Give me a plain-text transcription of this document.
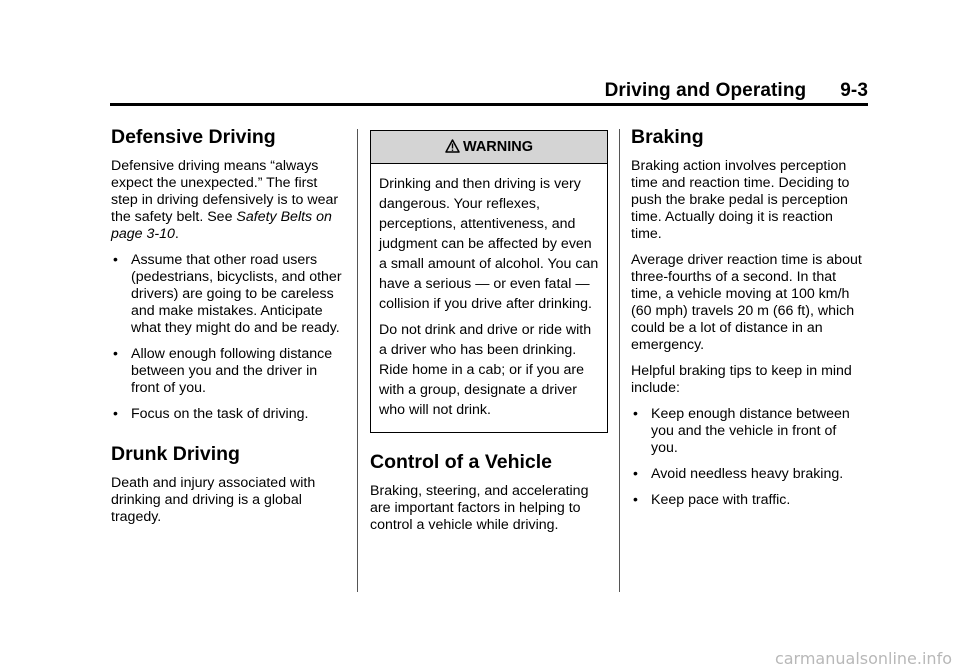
Driving and Operating 9-3
Defensive Driving

Defensive driving means “always expect the unexpected.” The first step in driving defensively is to wear the safety belt. See Safety Belts on page 3-10.

• Assume that other road users (pedestrians, bicyclists, and other drivers) are going to be careless and make mistakes. Anticipate what they might do and be ready.
• Allow enough following distance between you and the driver in front of you.
• Focus on the task of driving.
Drunk Driving

Death and injury associated with drinking and driving is a global tragedy.

WARNING

Drinking and then driving is very dangerous. Your reflexes, perceptions, attentiveness, and judgment can be affected by even a small amount of alcohol. You can have a serious — or even fatal — collision if you drive after drinking.

Do not drink and drive or ride with a driver who has been drinking. Ride home in a cab; or if you are with a group, designate a driver who will not drink.

Control of a Vehicle

Braking, steering, and accelerating are important factors in helping to control a vehicle while driving.

Braking

Braking action involves perception time and reaction time. Deciding to push the brake pedal is perception time. Actually doing it is reaction time.

Average driver reaction time is about three-fourths of a second. In that time, a vehicle moving at 100 km/h (60 mph) travels 20 m (66 ft), which could be a lot of distance in an emergency.

Helpful braking tips to keep in mind include:

• Keep enough distance between you and the vehicle in front of you.
• Avoid needless heavy braking.
• Keep pace with traffic.
carmanualsonline.info
